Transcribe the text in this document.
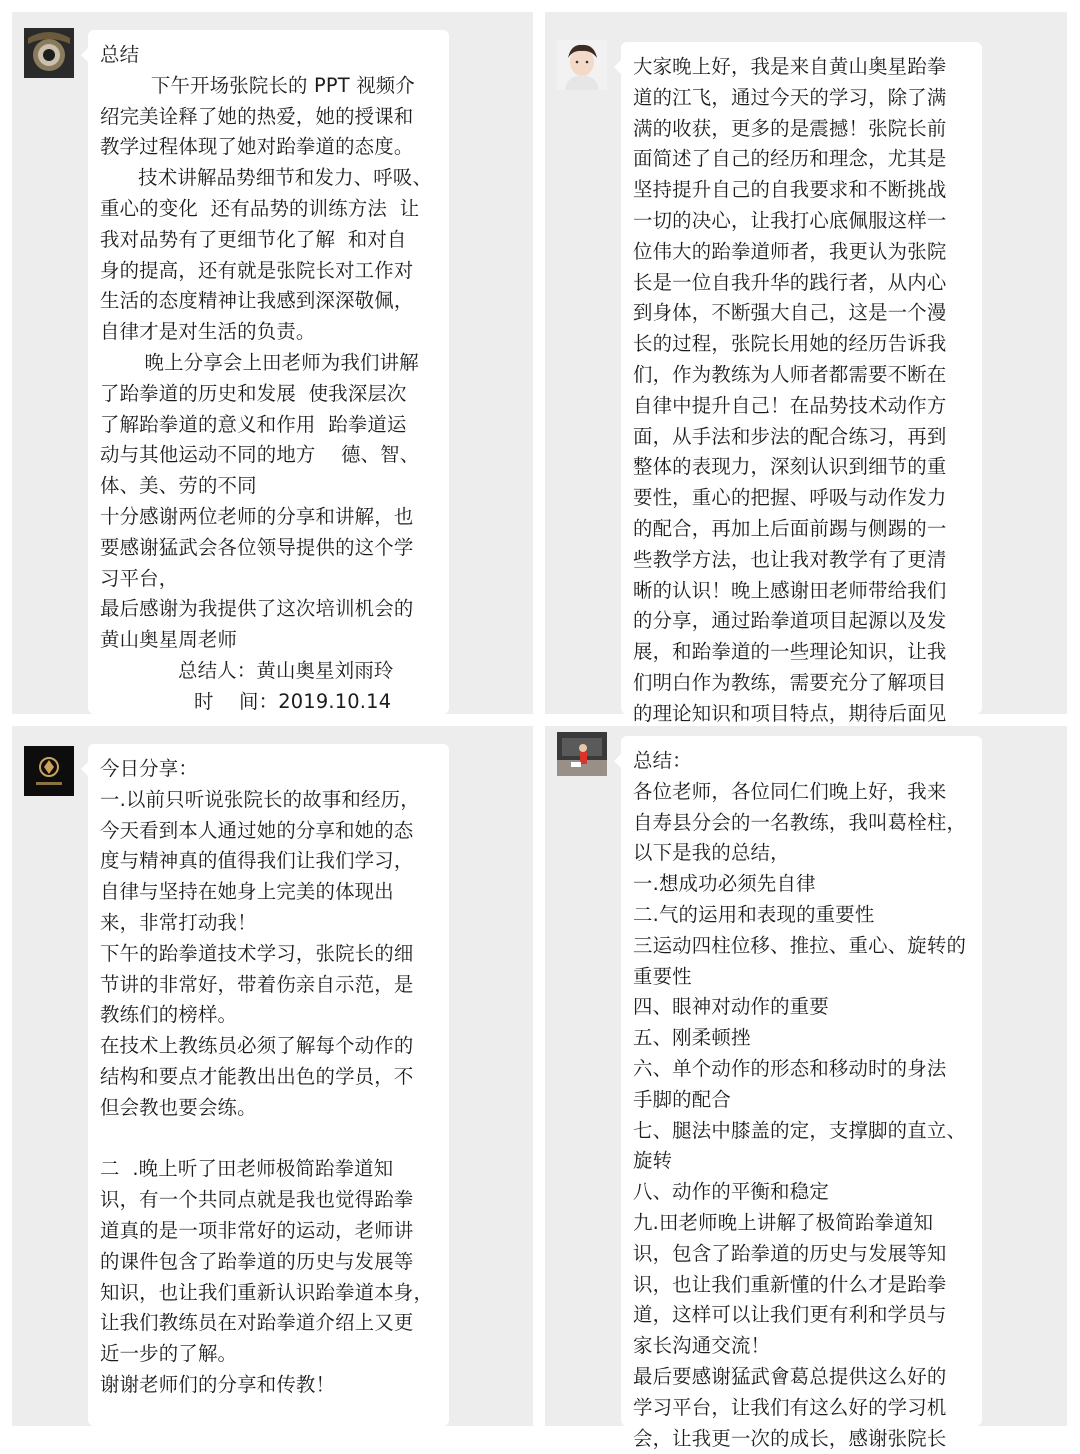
总结
下午开场张院长的 PPT 视频介
绍完美诠释了她的热爱，她的授课和
教学过程体现了她对跆拳道的态度。
技术讲解品势细节和发力、呼吸、
重心的变化  还有品势的训练方法  让
我对品势有了更细节化了解  和对自
身的提高，还有就是张院长对工作对
生活的态度精神让我感到深深敬佩，
自律才是对生活的负责。
晚上分享会上田老师为我们讲解
了跆拳道的历史和发展  使我深层次
了解跆拳道的意义和作用  跆拳道运
动与其他运动不同的地方    德、智、
体、美、劳的不同
十分感谢两位老师的分享和讲解，也
要感谢猛武会各位领导提供的这个学
习平台，
最后感谢为我提供了这次培训机会的
黄山奥星周老师
总结人：黄山奥星刘雨玲
时    间：2019.10.14
大家晚上好，我是来自黄山奥星跆拳
道的江飞，通过今天的学习，除了满
满的收获，更多的是震撼！张院长前
面简述了自己的经历和理念，尤其是
坚持提升自己的自我要求和不断挑战
一切的决心，让我打心底佩服这样一
位伟大的跆拳道师者，我更认为张院
长是一位自我升华的践行者，从内心
到身体，不断强大自己，这是一个漫
长的过程，张院长用她的经历告诉我
们，作为教练为人师者都需要不断在
自律中提升自己！在品势技术动作方
面，从手法和步法的配合练习，再到
整体的表现力，深刻认识到细节的重
要性，重心的把握、呼吸与动作发力
的配合，再加上后面前踢与侧踢的一
些教学方法，也让我对教学有了更清
晰的认识！晚上感谢田老师带给我们
的分享，通过跆拳道项目起源以及发
展，和跆拳道的一些理论知识，让我
们明白作为教练，需要充分了解项目
的理论知识和项目特点，期待后面见
今日分享：
一.以前只听说张院长的故事和经历，
今天看到本人通过她的分享和她的态
度与精神真的值得我们让我们学习，
自律与坚持在她身上完美的体现出
来，非常打动我！
下午的跆拳道技术学习，张院长的细
节讲的非常好，带着伤亲自示范，是
教练们的榜样。
在技术上教练员必须了解每个动作的
结构和要点才能教出出色的学员，不
但会教也要会练。
二  .晚上听了田老师极简跆拳道知
识，有一个共同点就是我也觉得跆拳
道真的是一项非常好的运动，老师讲
的课件包含了跆拳道的历史与发展等
知识，也让我们重新认识跆拳道本身，
让我们教练员在对跆拳道介绍上又更
近一步的了解。
谢谢老师们的分享和传教！
总结：
各位老师，各位同仁们晚上好，我来
自寿县分会的一名教练，我叫葛栓柱，
以下是我的总结，
一.想成功必须先自律
二.气的运用和表现的重要性
三运动四柱位移、推拉、重心、旋转的
重要性
四、眼神对动作的重要
五、刚柔顿挫
六、单个动作的形态和移动时的身法
手脚的配合
七、腿法中膝盖的定，支撑脚的直立、
旋转
八、动作的平衡和稳定
九.田老师晚上讲解了极简跆拳道知
识，包含了跆拳道的历史与发展等知
识，也让我们重新懂的什么才是跆拳
道，这样可以让我们更有利和学员与
家长沟通交流！
最后要感谢猛武會葛总提供这么好的
学习平台，让我们有这么好的学习机
会，让我更一次的成长，感谢张院长
